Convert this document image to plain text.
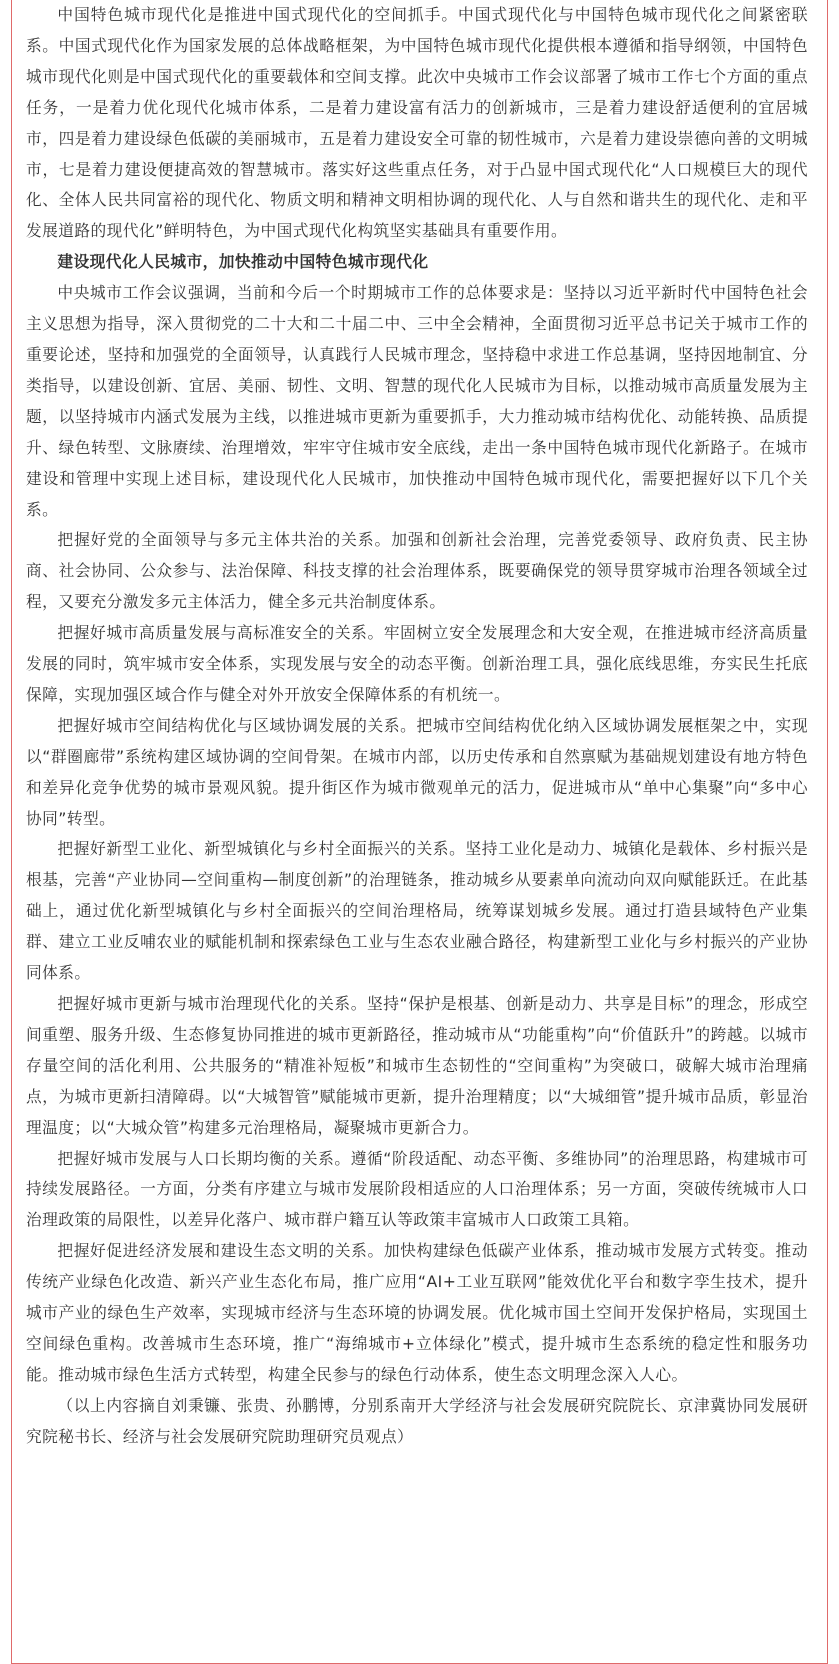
中国特色城市现代化是推进中国式现代化的空间抓手。中国式现代化与中国特色城市现代化之间紧密联系。中国式现代化作为国家发展的总体战略框架，为中国特色城市现代化提供根本遵循和指导纲领，中国特色城市现代化则是中国式现代化的重要载体和空间支撑。此次中央城市工作会议部署了城市工作七个方面的重点任务，一是着力优化现代化城市体系，二是着力建设富有活力的创新城市，三是着力建设舒适便利的宜居城市，四是着力建设绿色低碳的美丽城市，五是着力建设安全可靠的韧性城市，六是着力建设崇德向善的文明城市，七是着力建设便捷高效的智慧城市。落实好这些重点任务，对于凸显中国式现代化“人口规模巨大的现代化、全体人民共同富裕的现代化、物质文明和精神文明相协调的现代化、人与自然和谐共生的现代化、走和平发展道路的现代化”鲜明特色，为中国式现代化构筑坚实基础具有重要作用。

建设现代化人民城市，加快推动中国特色城市现代化

中央城市工作会议强调，当前和今后一个时期城市工作的总体要求是：坚持以习近平新时代中国特色社会主义思想为指导，深入贯彻党的二十大和二十届二中、三中全会精神，全面贯彻习近平总书记关于城市工作的重要论述，坚持和加强党的全面领导，认真践行人民城市理念，坚持稳中求进工作总基调，坚持因地制宜、分类指导，以建设创新、宜居、美丽、韧性、文明、智慧的现代化人民城市为目标，以推动城市高质量发展为主题，以坚持城市内涵式发展为主线，以推进城市更新为重要抓手，大力推动城市结构优化、动能转换、品质提升、绿色转型、文脉赓续、治理增效，牢牢守住城市安全底线，走出一条中国特色城市现代化新路子。在城市建设和管理中实现上述目标，建设现代化人民城市，加快推动中国特色城市现代化，需要把握好以下几个关系。

把握好党的全面领导与多元主体共治的关系。加强和创新社会治理，完善党委领导、政府负责、民主协商、社会协同、公众参与、法治保障、科技支撑的社会治理体系，既要确保党的领导贯穿城市治理各领域全过程，又要充分激发多元主体活力，健全多元共治制度体系。

把握好城市高质量发展与高标准安全的关系。牢固树立安全发展理念和大安全观，在推进城市经济高质量发展的同时，筑牢城市安全体系，实现发展与安全的动态平衡。创新治理工具，强化底线思维，夯实民生托底保障，实现加强区域合作与健全对外开放安全保障体系的有机统一。

把握好城市空间结构优化与区域协调发展的关系。把城市空间结构优化纳入区域协调发展框架之中，实现以“群圈廊带”系统构建区域协调的空间骨架。在城市内部，以历史传承和自然禀赋为基础规划建设有地方特色和差异化竞争优势的城市景观风貌。提升街区作为城市微观单元的活力，促进城市从“单中心集聚”向“多中心协同”转型。

把握好新型工业化、新型城镇化与乡村全面振兴的关系。坚持工业化是动力、城镇化是载体、乡村振兴是根基，完善“产业协同—空间重构—制度创新”的治理链条，推动城乡从要素单向流动向双向赋能跃迁。在此基础上，通过优化新型城镇化与乡村全面振兴的空间治理格局，统筹谋划城乡发展。通过打造县域特色产业集群、建立工业反哺农业的赋能机制和探索绿色工业与生态农业融合路径，构建新型工业化与乡村振兴的产业协同体系。

把握好城市更新与城市治理现代化的关系。坚持“保护是根基、创新是动力、共享是目标”的理念，形成空间重塑、服务升级、生态修复协同推进的城市更新路径，推动城市从“功能重构”向“价值跃升”的跨越。以城市存量空间的活化利用、公共服务的“精准补短板”和城市生态韧性的“空间重构”为突破口，破解大城市治理痛点，为城市更新扫清障碍。以“大城智管”赋能城市更新，提升治理精度；以“大城细管”提升城市品质，彰显治理温度；以“大城众管”构建多元治理格局，凝聚城市更新合力。

把握好城市发展与人口长期均衡的关系。遵循“阶段适配、动态平衡、多维协同”的治理思路，构建城市可持续发展路径。一方面，分类有序建立与城市发展阶段相适应的人口治理体系；另一方面，突破传统城市人口治理政策的局限性，以差异化落户、城市群户籍互认等政策丰富城市人口政策工具箱。

把握好促进经济发展和建设生态文明的关系。加快构建绿色低碳产业体系，推动城市发展方式转变。推动传统产业绿色化改造、新兴产业生态化布局，推广应用“AI+工业互联网”能效优化平台和数字孪生技术，提升城市产业的绿色生产效率，实现城市经济与生态环境的协调发展。优化城市国土空间开发保护格局，实现国土空间绿色重构。改善城市生态环境，推广“海绵城市+立体绿化”模式，提升城市生态系统的稳定性和服务功能。推动城市绿色生活方式转型，构建全民参与的绿色行动体系，使生态文明理念深入人心。

（以上内容摘自刘秉镰、张贵、孙鹏博，分别系南开大学经济与社会发展研究院院长、京津冀协同发展研究院秘书长、经济与社会发展研究院助理研究员观点）
